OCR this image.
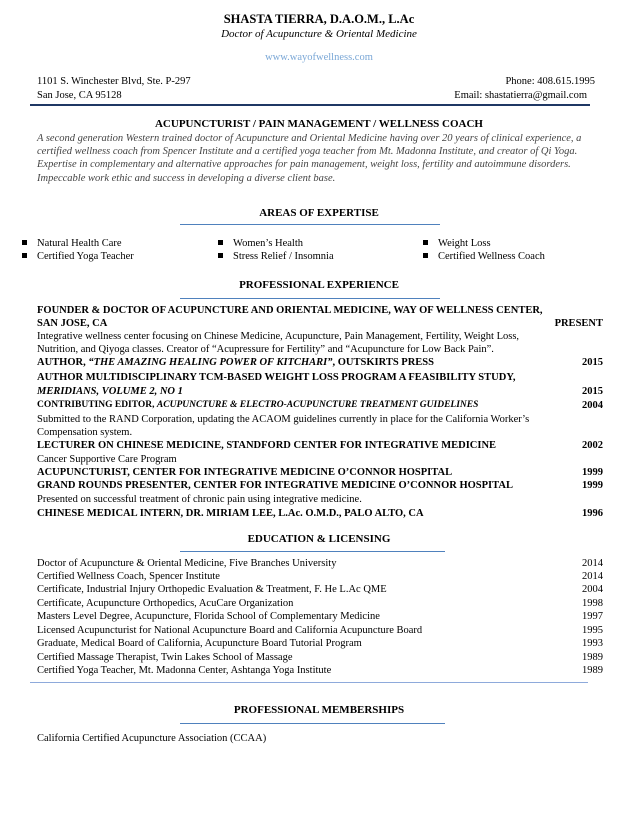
SHASTA TIERRA, D.A.O.M., L.Ac
Doctor of Acupuncture & Oriental Medicine
www.wayofwellness.com
1101 S. Winchester Blvd, Ste. P-297
San Jose, CA 95128
Phone: 408.615.1995
Email: shastatierra@gmail.com
ACUPUNCTURIST / PAIN MANAGEMENT / WELLNESS COACH
A second generation Western trained doctor of Acupuncture and Oriental Medicine having over 20 years of clinical experience, a certified wellness coach from Spencer Institute and a certified yoga teacher from Mt. Madonna Institute, and creator of Qi Yoga. Expertise in complementary and alternative approaches for pain management, weight loss, fertility and autoimmune disorders. Impeccable work ethic and success in developing a diverse client base.
AREAS OF EXPERTISE
Natural Health Care
Certified Yoga Teacher
Women’s Health
Stress Relief / Insomnia
Weight Loss
Certified Wellness Coach
PROFESSIONAL EXPERIENCE
FOUNDER & DOCTOR OF ACUPUNCTURE AND ORIENTAL MEDICINE, WAY OF WELLNESS CENTER,
SAN JOSE, CA	PRESENT
Integrative wellness center focusing on Chinese Medicine, Acupuncture, Pain Management, Fertility, Weight Loss,
Nutrition, and Qiyoga classes. Creator of “Acupressure for Fertility” and “Acupuncture for Low Back Pain”.
AUTHOR, “THE AMAZING HEALING POWER OF KITCHARI”, OUTSKIRTS PRESS	2015
AUTHOR MULTIDISCIPLINARY TCM-BASED WEIGHT LOSS PROGRAM A FEASIBILITY STUDY,
MERIDIANS, VOLUME 2, NO 1	2015
CONTRIBUTING EDITOR, ACUPUNCTURE & ELECTRO-ACUPUNCTURE TREATMENT GUIDELINES	2004
Submitted to the RAND Corporation, updating the ACAOM guidelines currently in place for the California Worker’s
Compensation system.
LECTURER ON CHINESE MEDICINE, STANDFORD CENTER FOR INTEGRATIVE MEDICINE	2002
Cancer Supportive Care Program
ACUPUNCTURIST, CENTER FOR INTEGRATIVE MEDICINE O’CONNOR HOSPITAL	1999
GRAND ROUNDS PRESENTER, CENTER FOR INTEGRATIVE MEDICINE O’CONNOR HOSPITAL	1999
Presented on successful treatment of chronic pain using integrative medicine.
CHINESE MEDICAL INTERN, DR. MIRIAM LEE, L.Ac. O.M.D., PALO ALTO, CA	1996
EDUCATION & LICENSING
Doctor of Acupuncture & Oriental Medicine, Five Branches University	2014
Certified Wellness Coach, Spencer Institute	2014
Certificate, Industrial Injury Orthopedic Evaluation & Treatment, F. He L.Ac QME	2004
Certificate, Acupuncture Orthopedics, AcuCare Organization	1998
Masters Level Degree, Acupuncture, Florida School of Complementary Medicine	1997
Licensed Acupuncturist for National Acupuncture Board and California Acupuncture Board	1995
Graduate, Medical Board of California, Acupuncture Board Tutorial Program	1993
Certified Massage Therapist, Twin Lakes School of Massage	1989
Certified Yoga Teacher, Mt. Madonna Center, Ashtanga Yoga Institute	1989
PROFESSIONAL MEMBERSHIPS
California Certified Acupuncture Association (CCAA)
